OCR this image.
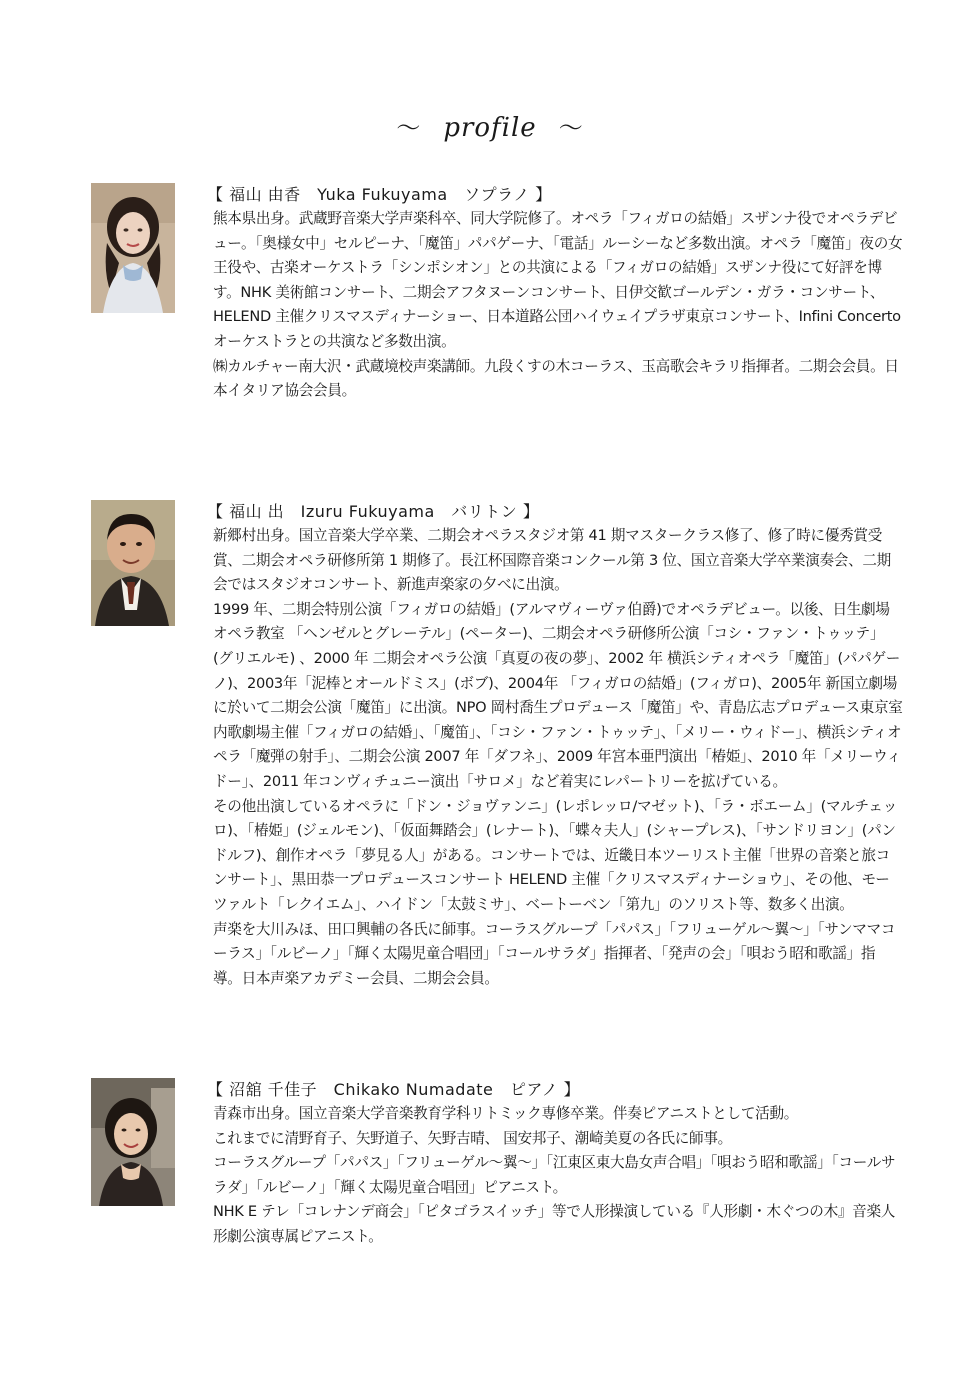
～ profile ～

【 福山 由香　Yuka Fukuyama　ソプラノ 】

熊本県出身。武蔵野音楽大学声楽科卒、同大学院修了。オペラ「フィガロの結婚」スザンナ役でオペラデビュー。「奥様女中」セルピーナ、「魔笛」パパゲーナ、「電話」ルーシーなど多数出演。オペラ「魔笛」夜の女王役や、古楽オーケストラ「シンポシオン」との共演による「フィガロの結婚」スザンナ役にて好評を博す。NHK 美術館コンサート、二期会アフタヌーンコンサート、日伊交歓ゴールデン・ガラ・コンサート、HELEND 主催クリスマスディナーショー、日本道路公団ハイウェイプラザ東京コンサート、Infini Concerto オーケストラとの共演など多数出演。

㈱カルチャー南大沢・武蔵境校声楽講師。九段くすの木コーラス、玉高歌会キラリ指揮者。二期会会員。日本イタリア協会会員。

【 福山 出　Izuru Fukuyama　バリトン 】

新郷村出身。国立音楽大学卒業、二期会オペラスタジオ第 41 期マスタークラス修了、修了時に優秀賞受賞、二期会オペラ研修所第 1 期修了。長江杯国際音楽コンクール第 3 位、国立音楽大学卒業演奏会、二期会ではスタジオコンサート、新進声楽家の夕べに出演。

1999 年、二期会特別公演「フィガロの結婚」(アルマヴィーヴァ伯爵)でオペラデビュー。以後、日生劇場オペラ教室 「ヘンゼルとグレーテル」(ペーター)、二期会オペラ研修所公演「コシ・ファン・トゥッテ」(グリエルモ) 、2000 年 二期会オペラ公演「真夏の夜の夢」、2002 年 横浜シティオペラ「魔笛」(パパゲーノ)、2003年「泥棒とオールドミス」(ボブ)、2004年 「フィガロの結婚」(フィガロ)、2005年 新国立劇場に於いて二期会公演「魔笛」に出演。NPO 岡村喬生プロデュース「魔笛」や、青島広志プロデュース東京室内歌劇場主催「フィガロの結婚」、「魔笛」、「コシ・ファン・トゥッテ」、「メリー・ウィドー」、横浜シティオペラ「魔弾の射手」、二期会公演 2007 年「ダフネ」、2009 年宮本亜門演出「椿姫」、2010 年「メリーウィドー」、2011 年コンヴィチュニー演出「サロメ」など着実にレパートリーを拡げている。

その他出演しているオペラに「ドン・ジョヴァンニ」(レポレッロ/マゼット)、「ラ・ボエーム」(マルチェッロ)、「椿姫」(ジェルモン)、「仮面舞踏会」(レナート)、「蝶々夫人」(シャープレス)、「サンドリヨン」(パンドルフ)、創作オペラ「夢見る人」がある。コンサートでは、近畿日本ツーリスト主催「世界の音楽と旅コンサート」、黒田恭一プロデュースコンサート HELEND 主催「クリスマスディナーショウ」、その他、モーツァルト「レクイエム」、ハイドン「太鼓ミサ」、ベートーベン「第九」のソリスト等、数多く出演。

声楽を大川みほ、田口興輔の各氏に師事。コーラスグループ「パパス」「フリューゲル～翼～」「サンママコーラス」「ルビーノ」「輝く太陽児童合唱団」「コールサラダ」指揮者、「発声の会」「唄おう昭和歌謡」指導。日本声楽アカデミー会員、二期会会員。

【 沼舘 千佳子　Chikako Numadate　ピアノ 】

青森市出身。国立音楽大学音楽教育学科リトミック専修卒業。伴奏ピアニストとして活動。

これまでに清野育子、矢野道子、矢野吉晴、 国安邦子、潮崎美夏の各氏に師事。

コーラスグループ「パパス」「フリューゲル～翼～」「江東区東大島女声合唱」「唄おう昭和歌謡」「コールサラダ」「ルビーノ」「輝く太陽児童合唱団」ピアニスト。

NHK E テレ「コレナンデ商会」「ピタゴラスイッチ」等で人形操演している『人形劇・木ぐつの木』音楽人形劇公演専属ピアニスト。
